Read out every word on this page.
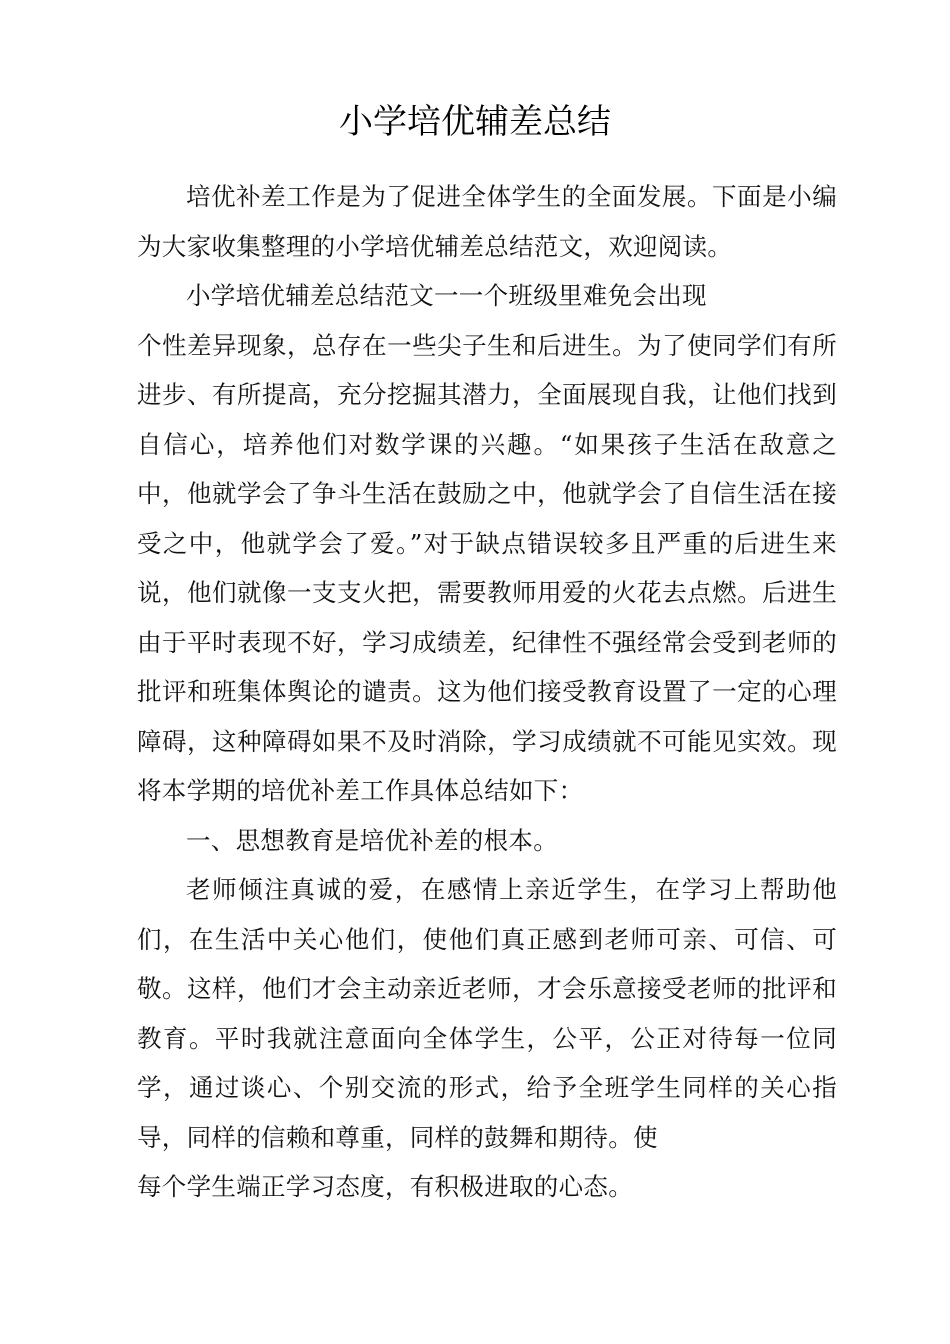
小学培优辅差总结

培优补差工作是为了促进全体学生的全面发展。下面是小编为大家收集整理的小学培优辅差总结范文，欢迎阅读。

小学培优辅差总结范文一一个班级里难免会出现

个性差异现象，总存在一些尖子生和后进生。为了使同学们有所进步、有所提高，充分挖掘其潜力，全面展现自我，让他们找到自信心，培养他们对数学课的兴趣。“如果孩子生活在敌意之中，他就学会了争斗生活在鼓励之中，他就学会了自信生活在接受之中，他就学会了爱。”对于缺点错误较多且严重的后进生来说，他们就像一支支火把，需要教师用爱的火花去点燃。后进生由于平时表现不好，学习成绩差，纪律性不强经常会受到老师的批评和班集体舆论的谴责。这为他们接受教育设置了一定的心理障碍，这种障碍如果不及时消除，学习成绩就不可能见实效。现将本学期的培优补差工作具体总结如下：

一、思想教育是培优补差的根本。

老师倾注真诚的爱，在感情上亲近学生，在学习上帮助他们，在生活中关心他们，使他们真正感到老师可亲、可信、可敬。这样，他们才会主动亲近老师，才会乐意接受老师的批评和教育。平时我就注意面向全体学生，公平，公正对待每一位同学，通过谈心、个别交流的形式，给予全班学生同样的关心指导，同样的信赖和尊重，同样的鼓舞和期待。使

每个学生端正学习态度，有积极进取的心态。
